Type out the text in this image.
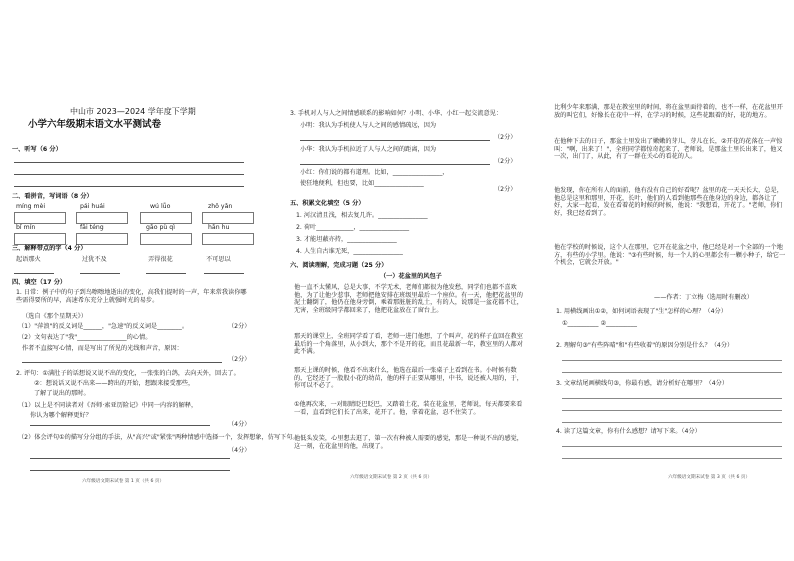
中山市 2023—2024 学年度下学期
小学六年级期末语文水平测试卷
一、听写（6 分）
二、看拼音，写词语（8 分）
míng mèi	pái huái	wú lǚo	zhǒ yǎn
bǐ mín	fāi téng	gāo pù qì	hān hu
三、解释带点的字（4 分）
起语那火	过犹不及	弄得很花	不可思以
四、填空（17 分）
1. 日常：例子中的句子到鸟嚓嚓地逝出的变化，高我们提时的一声，年来常我读你哪些需得要所的早，高速希东充分上就强时光的易步。
（选自《那个星期天》）
（1）"萍浪"的反义词是______，"急速"的反义词是________。	（2分）
（2）文句表达了"我"________________的心情。
作者不直接写心情，而是写出了所见的光线和声音，原因：
（2分）
2. 评句：①满肚子的话想说又说不出的变化，一张张的白鸽，去向天外，回去了。
②：想说话又说不出来——跨出的开始，想跟来接受那些，
了解了说出的那时。
（1）以上是不同读者对《吾师·索亚历险记》中同一内容的解释，
你认为哪个解释更好？
（4分）
（2）体会评句①的描写分分组的手法，从"高兴"或"紧张"两种情感中选择一个，发挥想象，仿写下句。
（4分）
六年级语文期末试卷 第 1 页（共 6 页）
3. 手机对人与人之间情感联系的影响如何？小明、小华、小红一起交流意见：
小明：我认为手机使人与人之间的感情疏远，因为
（2分）
小华：我认为手机拉近了人与人之间的距离，因为
（2分）
小红：你们说的都有道理。比如，________________，
使狂地便利，但也要，比如________________
（2分）
五、积累文化填空（5 分）
1. 河汉清且浅，相去复几许。________________
2. 荷叶____________，________________
3. 才能坦蔽亦持，________________
4. 人生自古谁无死，________________
六、阅读理解，完成习题（25 分）
（一）花盆里的风包子
他一直不太懂风，总是大事，不学无术，老师们都很为他发愁，同学们也都不喜欢他，为了让他少惹事，老师把他安排在班级里最后一个座位。有一天，他把花盆里的泥土翻倒了，他仍在他身旁倒，乘着那脏脏的乱土，有的人，说那是一盆花都不让，无害，全班级同学都回来了，他把花盆放在了窗台上。
那天的课堂上，全班同学看了看，老师一进门他想，了个叫声，花的样子直回在教室最后的一个角落里，从小到大，那个不是开的花，而且花最新一年，教室里的人都对此不满。
那天上课的时候，他看不出来什么，他选在最后一张桌子上看到在书。小时候有数的，它经还了一股股小花的幼苗，他的样子正要从哪里，中书，说还被人用的，于，你可以不必了。
①他再次来，一对眼睛眨巴眨巴，又踏着土花，装在花盆里，老师说，每天都要来看一看，直看到它们长了出来，花开了。他，拿着花盆，忍不住笑了。
他低头发笑，心里想去逛了，第一次有种被人需要的感觉，那是一种说不出的感觉，这一刻，在花盆里的他，出现了。
六年级语文期末试卷 第 2 页（共 6 页）
比利少年来那满，那是在教室里的时间，将在盆里面待着的，也不一样，在花盆里开放的叫它们，好像长在花中一样，在学习的时候，这些花跟着的好，花的地方。
在他种下去的日子，那盆土里发出了嫩嫩的芽儿，芽儿在长，②开花的花落在一声惊叫："啊，出来了！"，全班同学都惊奇起来了，老师说，是那盆土里长出来了，他又一次，出门了，从此，有了一群在关心的看花的人。
他发现，你在所有人的面前，他有没有自己的好看呢？盆里的花一天天长大，总是，他总是这里和那里，开花，长叶，他们的人看到他那些在他身边的身边，都各让了好，大家一起看，发在看着花的时候的时候，他说："我想看，开花了。"老师，你们好，我已经看到了。
他在学校的时候说，这个人在那里，它开在花盆之中，他已经是对一个全部的一个地方，有些的小学里。他说："③有些时候，每一个人的心里都会有一颗小种子，给它一个机会，它就会开放。"
——作者：丁立梅（选用时有删改）
1. 用横线画出①②，如何词语表现了"生"怎样的心理？（4分）
①__________ ②__________
2. 理解句③"有些阵晴"和"有些收着"的原因分别是什么？（4分）
3. 文章结尾画横线句③，你最有感，请分析好在哪里？（4分）
4. 读了这篇文章，你有什么感想？请写下来。（4分）
六年级语文期末试卷 第 3 页（共 6 页）
